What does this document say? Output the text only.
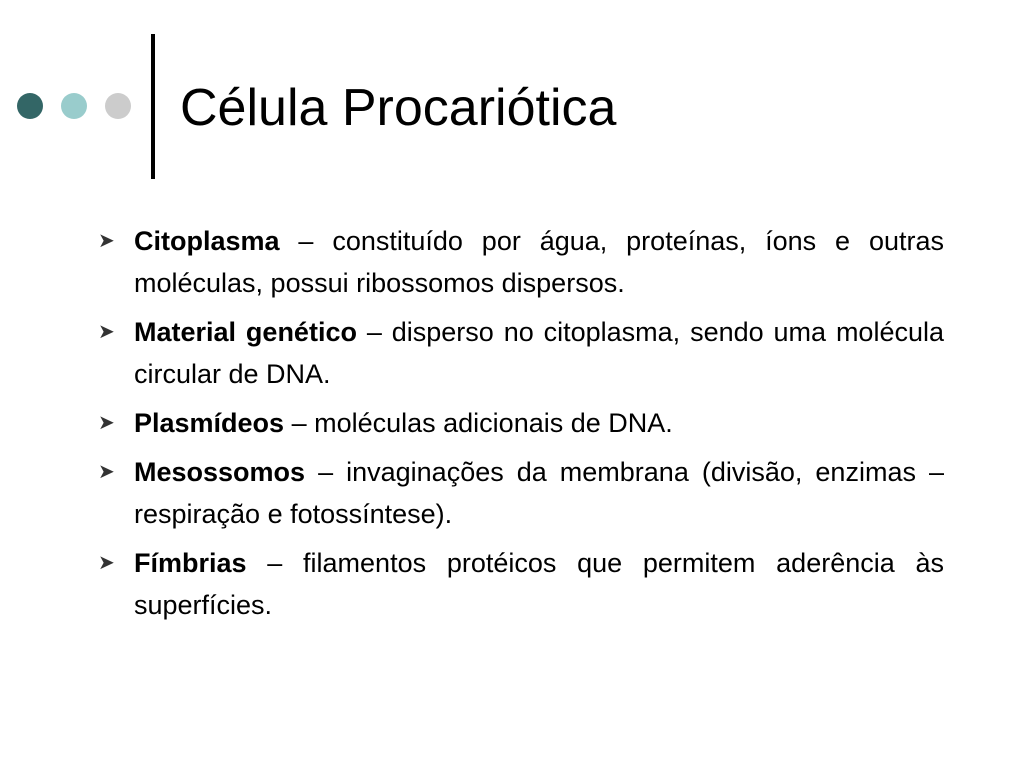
Célula Procariótica
➤ Citoplasma – constituído por água, proteínas, íons e outras moléculas, possui ribossomos dispersos.
➤ Material genético – disperso no citoplasma, sendo uma molécula circular de DNA.
➤ Plasmídeos – moléculas adicionais de DNA.
➤ Mesossomos – invaginações da membrana (divisão, enzimas – respiração e fotossíntese).
➤ Fímbrias – filamentos protéicos que permitem aderência às superfícies.
